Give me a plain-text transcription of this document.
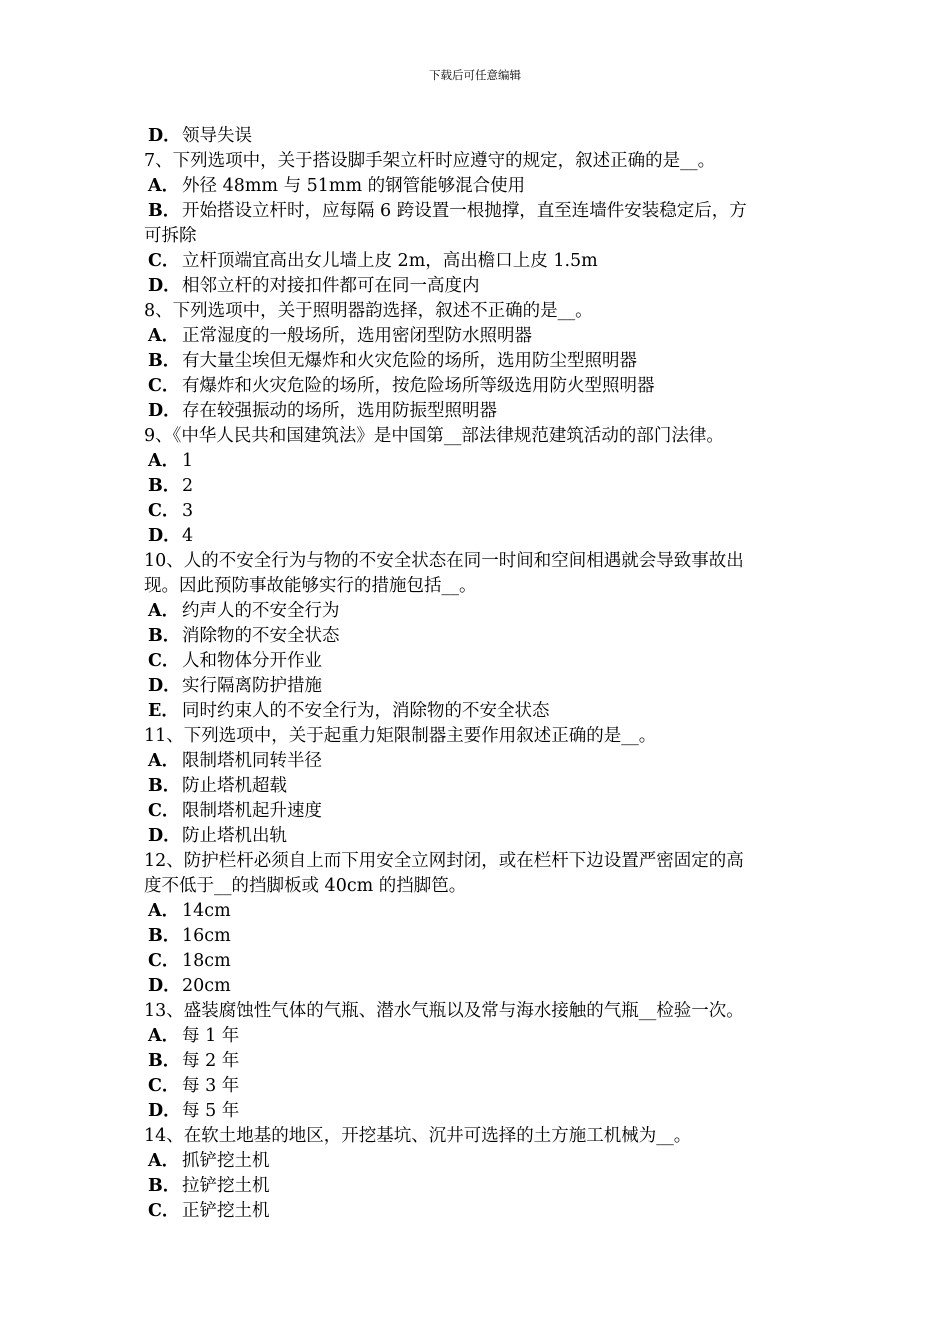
下载后可任意编辑
D．领导失误
7、下列选项中，关于搭设脚手架立杆时应遵守的规定，叙述正确的是__。
A． 外径 48mm 与 51mm 的钢管能够混合使用
B．开始搭设立杆时，应每隔 6 跨设置一根抛撑，直至连墙件安装稳定后，方
可拆除
C． 立杆顶端宜高出女儿墙上皮 2m，高出檐口上皮 1.5m
D．相邻立杆的对接扣件都可在同一高度内
8、下列选项中，关于照明器韵选择，叙述不正确的是__。
A． 正常湿度的一般场所，选用密闭型防水照明器
B．有大量尘埃但无爆炸和火灾危险的场所，选用防尘型照明器
C． 有爆炸和火灾危险的场所，按危险场所等级选用防火型照明器
D．存在较强振动的场所，选用防振型照明器
9、《中华人民共和国建筑法》是中国第__部法律规范建筑活动的部门法律。
A． 1
B．2
C． 3
D．4
10、人的不安全行为与物的不安全状态在同一时间和空间相遇就会导致事故出
现。因此预防事故能够实行的措施包括__。
A． 约声人的不安全行为
B．消除物的不安全状态
C． 人和物体分开作业
D．实行隔离防护措施
E． 同时约束人的不安全行为，消除物的不安全状态
11、下列选项中，关于起重力矩限制器主要作用叙述正确的是__。
A． 限制塔机同转半径
B．防止塔机超载
C． 限制塔机起升速度
D．防止塔机出轨
12、防护栏杆必须自上而下用安全立网封闭，或在栏杆下边设置严密固定的高
度不低于__的挡脚板或 40cm 的挡脚笆。
A． 14cm
B．16cm
C． 18cm
D．20cm
13、盛装腐蚀性气体的气瓶、潜水气瓶以及常与海水接触的气瓶__检验一次。
A． 每 1 年
B．每 2 年
C． 每 3 年
D．每 5 年
14、在软土地基的地区，开挖基坑、沉井可选择的土方施工机械为__。
A． 抓铲挖土机
B．拉铲挖土机
C． 正铲挖土机
